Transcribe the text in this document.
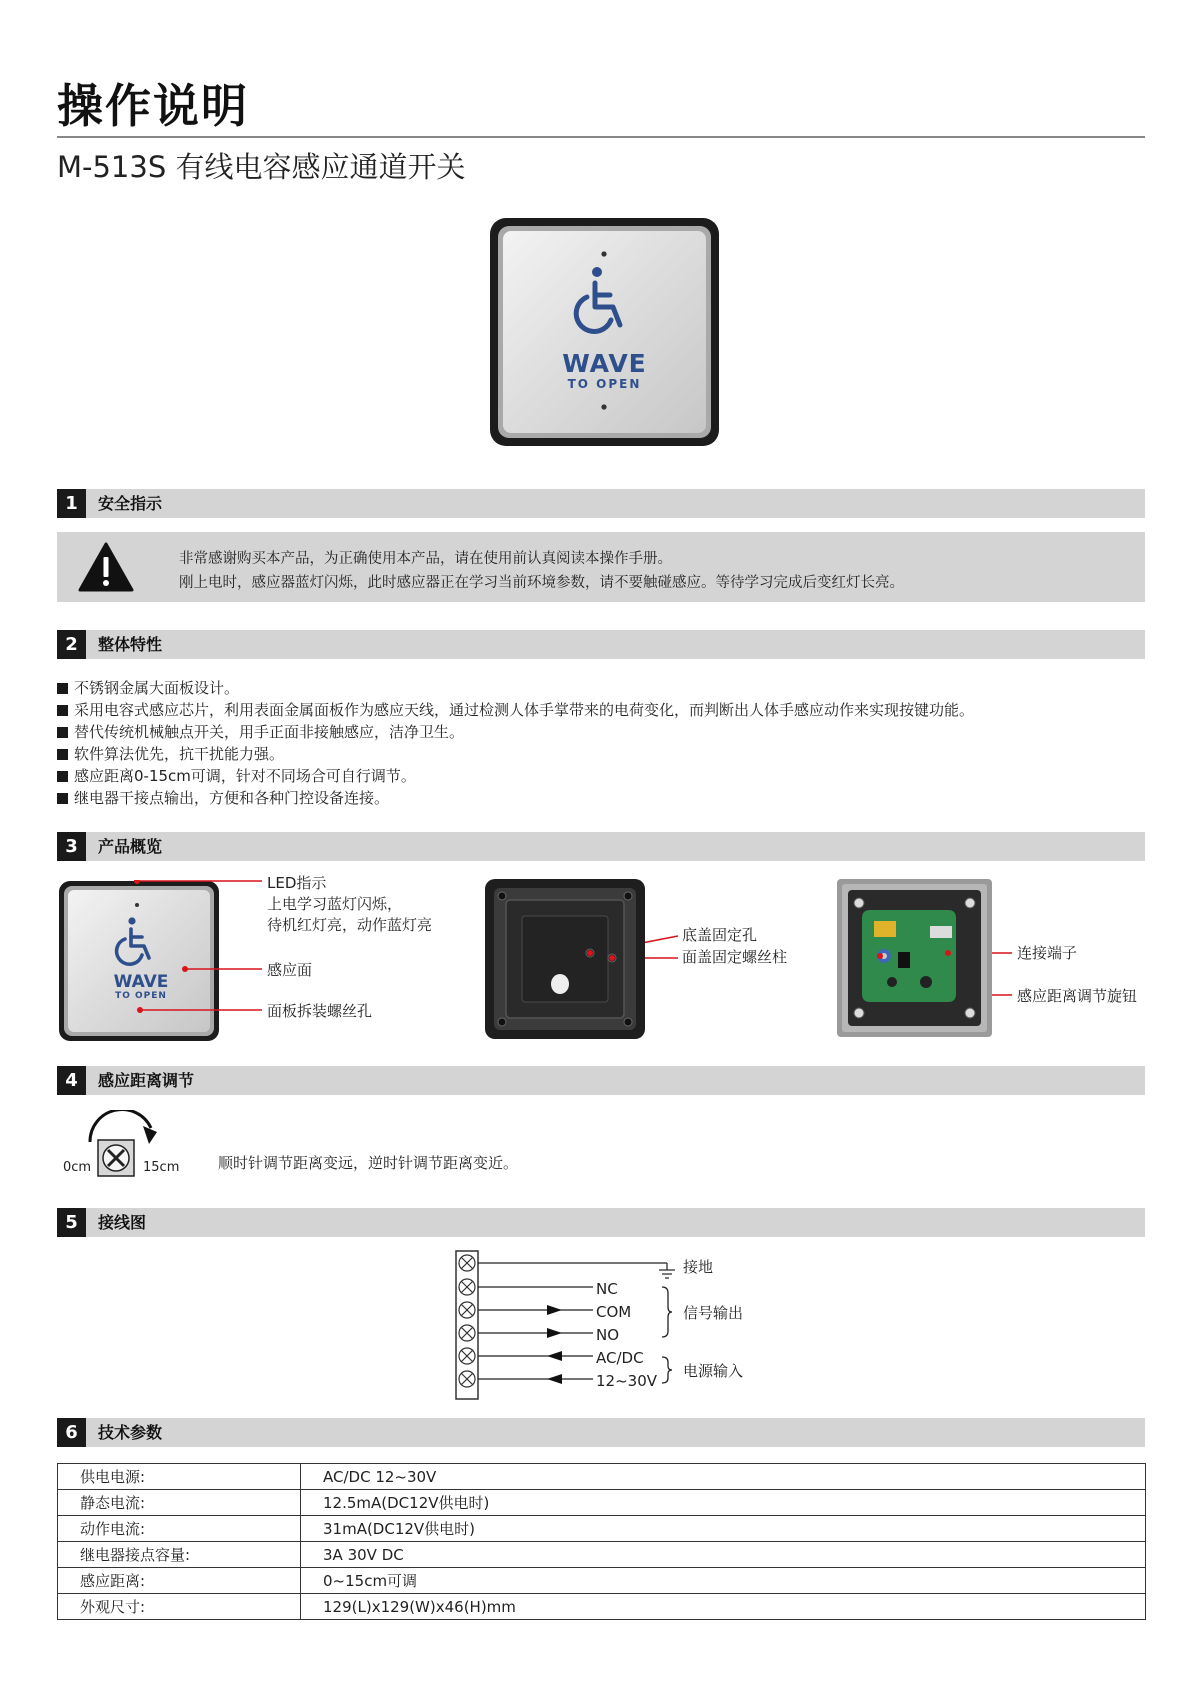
操作说明
M-513S 有线电容感应通道开关
WAVE
TO OPEN
1	安全指示
非常感谢购买本产品，为正确使用本产品，请在使用前认真阅读本操作手册。
刚上电时，感应器蓝灯闪烁，此时感应器正在学习当前环境参数，请不要触碰感应。等待学习完成后变红灯长亮。
2	整体特性
不锈钢金属大面板设计。
采用电容式感应芯片，利用表面金属面板作为感应天线，通过检测人体手掌带来的电荷变化，而判断出人体手感应动作来实现按键功能。
替代传统机械触点开关，用手正面非接触感应，洁净卫生。
软件算法优先，抗干扰能力强。
感应距离0-15cm可调，针对不同场合可自行调节。
继电器干接点输出，方便和各种门控设备连接。
3	产品概览
WAVE
TO OPEN
LED指示
上电学习蓝灯闪烁，
待机红灯亮，动作蓝灯亮
感应面
面板拆装螺丝孔
底盖固定孔
面盖固定螺丝柱	连接端子
感应距离调节旋钮
4	感应距离调节
0cm	15cm	顺时针调节距离变远，逆时针调节距离变近。
5	接线图
接地
NC
COM
NO
AC/DC
12~30V
信号输出
电源输入
6	技术参数
供电电源:	AC/DC 12~30V
静态电流:	12.5mA(DC12V供电时)
动作电流:	31mA(DC12V供电时)
继电器接点容量:	3A 30V DC
感应距离:	0~15cm可调
外观尺寸:	129(L)x129(W)x46(H)mm
